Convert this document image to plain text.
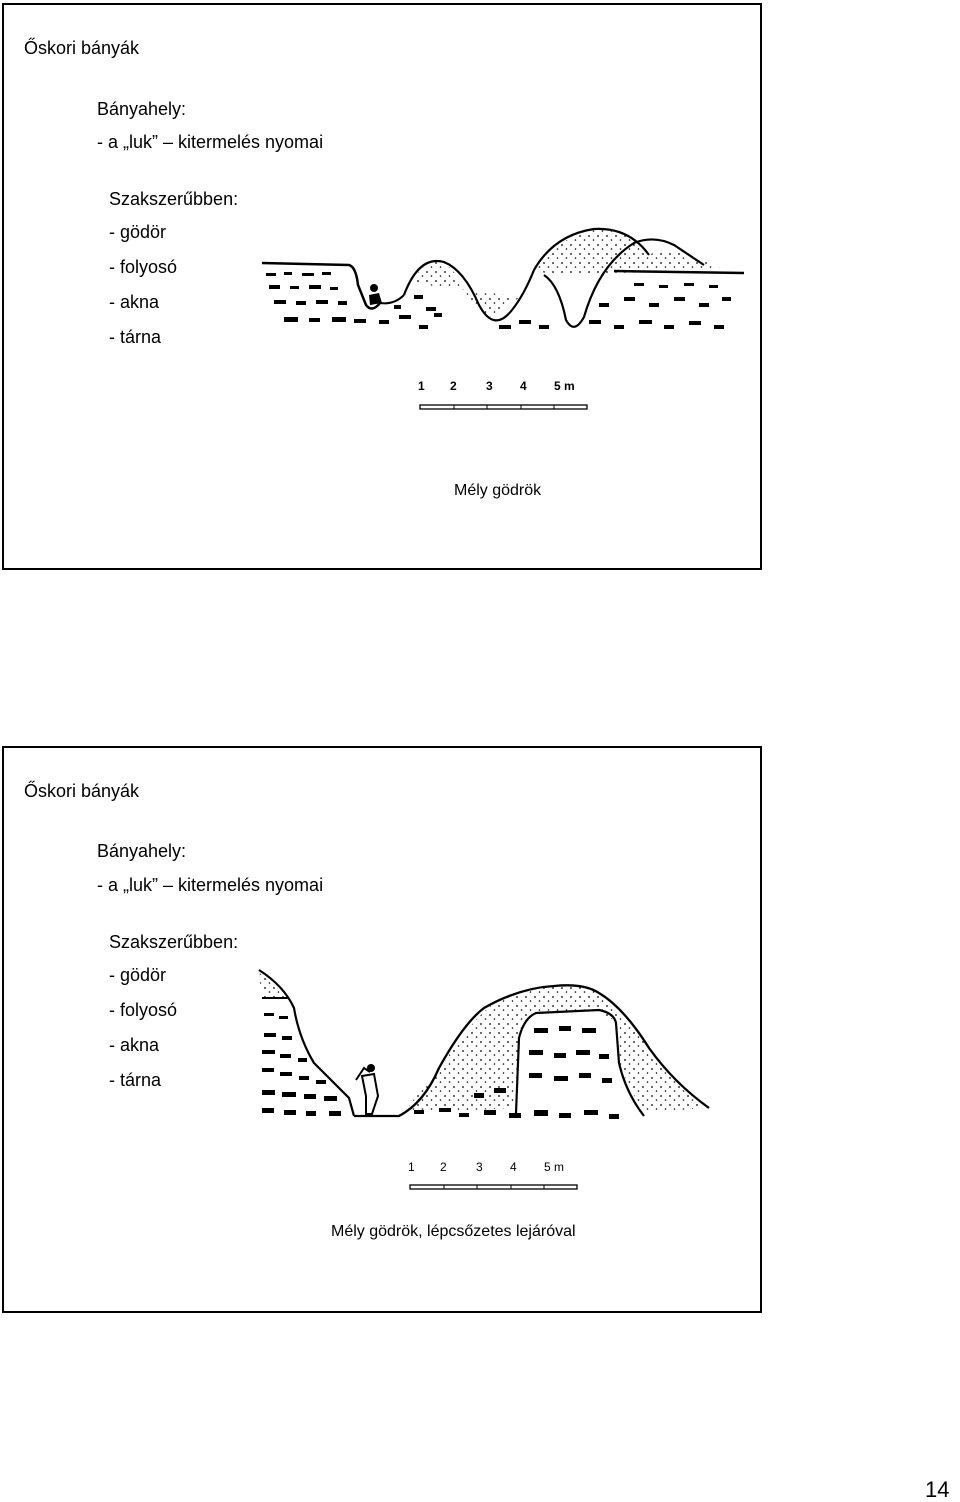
Őskori bányák
Bányahely:
- a „luk” – kitermelés nyomai
Szakszerűbben:
- gödör
- folyosó
- akna
- tárna
1 2 3 4 5 m
Mély gödrök
Őskori bányák
Bányahely:
- a „luk” – kitermelés nyomai
Szakszerűbben:
- gödör
- folyosó
- akna
- tárna
1 2 3 4 5 m
Mély gödrök, lépcsőzetes lejáróval
14
